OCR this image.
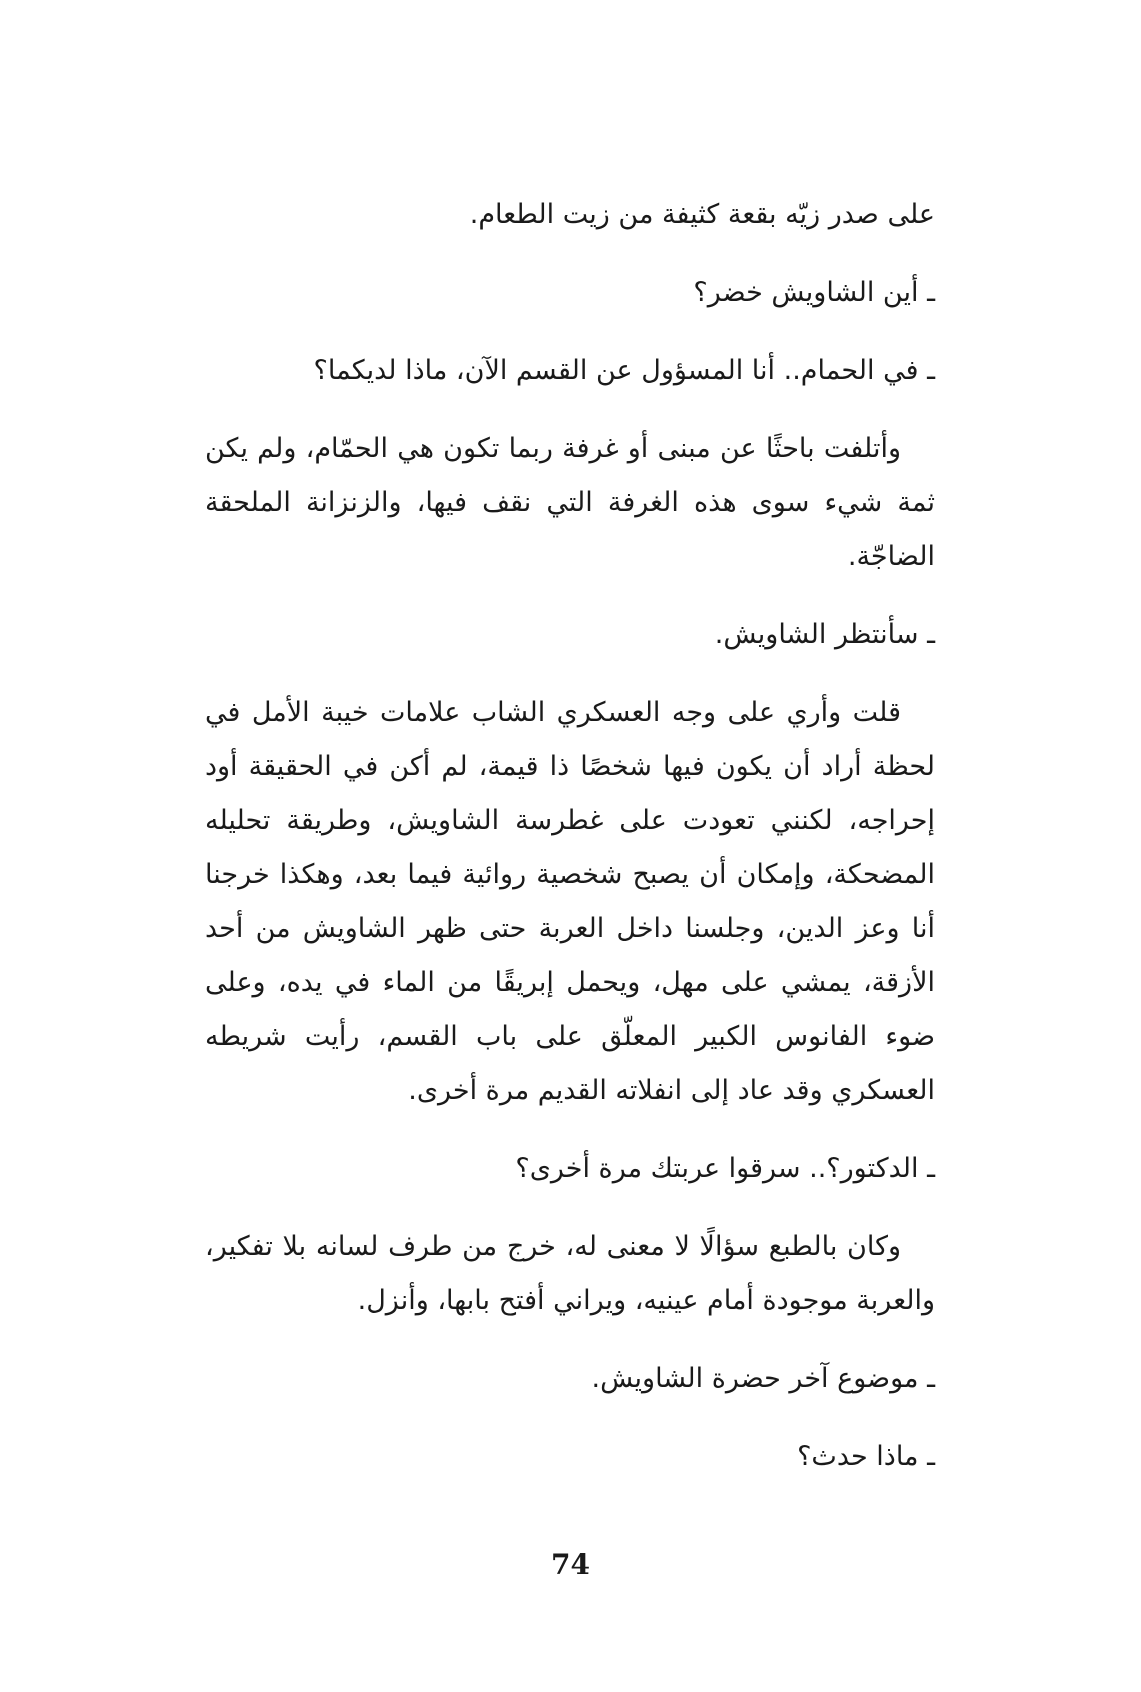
على صدر زيّه بقعة كثيفة من زيت الطعام.

ـ أين الشاويش خضر؟

ـ في الحمام.. أنا المسؤول عن القسم الآن، ماذا لديكما؟

وأتلفت باحثًا عن مبنى أو غرفة ربما تكون هي الحمّام، ولم يكن ثمة شيء سوى هذه الغرفة التي نقف فيها، والزنزانة الملحقة الضاجّة.

ـ سأنتظر الشاويش.

قلت وأري على وجه العسكري الشاب علامات خيبة الأمل في لحظة أراد أن يكون فيها شخصًا ذا قيمة، لم أكن في الحقيقة أود إحراجه، لكنني تعودت على غطرسة الشاويش، وطريقة تحليله المضحكة، وإمكان أن يصبح شخصية روائية فيما بعد، وهكذا خرجنا أنا وعز الدين، وجلسنا داخل العربة حتى ظهر الشاويش من أحد الأزقة، يمشي على مهل، ويحمل إبريقًا من الماء في يده، وعلى ضوء الفانوس الكبير المعلّق على باب القسم، رأيت شريطه العسكري وقد عاد إلى انفلاته القديم مرة أخرى.

ـ الدكتور؟.. سرقوا عربتك مرة أخرى؟

وكان بالطبع سؤالًا لا معنى له، خرج من طرف لسانه بلا تفكير، والعربة موجودة أمام عينيه، ويراني أفتح بابها، وأنزل.

ـ موضوع آخر حضرة الشاويش.

ـ ماذا حدث؟

74
